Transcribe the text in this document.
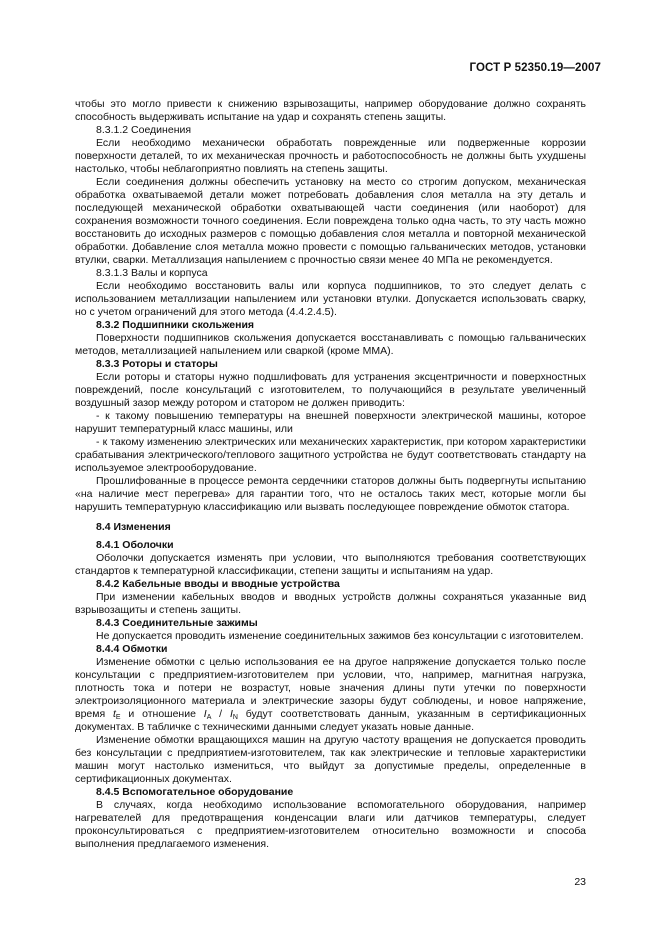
ГОСТ Р 52350.19—2007

чтобы это могло привести к снижению взрывозащиты, например оборудование должно сохранять способность выдерживать испытание на удар и сохранять степень защиты.

8.3.1.2 Соединения

Если необходимо механически обработать поврежденные или подверженные коррозии поверхности деталей, то их механическая прочность и работоспособность не должны быть ухудшены настолько, чтобы неблагоприятно повлиять на степень защиты.

Если соединения должны обеспечить установку на место со строгим допуском, механическая обработка охватываемой детали может потребовать добавления слоя металла на эту деталь и последующей механической обработки охватывающей части соединения (или наоборот) для сохранения возможности точного соединения. Если повреждена только одна часть, то эту часть можно восстановить до исходных размеров с помощью добавления слоя металла и повторной механической обработки. Добавление слоя металла можно провести с помощью гальванических методов, установки втулки, сварки. Металлизация напылением с прочностью связи менее 40 МПа не рекомендуется.

8.3.1.3 Валы и корпуса

Если необходимо восстановить валы или корпуса подшипников, то это следует делать с использованием металлизации напылением или установки втулки. Допускается использовать сварку, но с учетом ограничений для этого метода (4.4.2.4.5).

8.3.2 Подшипники скольжения

Поверхности подшипников скольжения допускается восстанавливать с помощью гальванических методов, металлизацией напылением или сваркой (кроме ММА).

8.3.3 Роторы и статоры

Если роторы и статоры нужно подшлифовать для устранения эксцентричности и поверхностных повреждений, после консультаций с изготовителем, то получающийся в результате увеличенный воздушный зазор между ротором и статором не должен приводить:

- к такому повышению температуры на внешней поверхности электрической машины, которое нарушит температурный класс машины, или

- к такому изменению электрических или механических характеристик, при котором характеристики срабатывания электрического/теплового защитного устройства не будут соответствовать стандарту на используемое электрооборудование.

Прошлифованные в процессе ремонта сердечники статоров должны быть подвергнуты испытанию «на наличие мест перегрева» для гарантии того, что не осталось таких мест, которые могли бы нарушить температурную классификацию или вызвать последующее повреждение обмоток статора.

8.4 Изменения

8.4.1 Оболочки

Оболочки допускается изменять при условии, что выполняются требования соответствующих стандартов к температурной классификации, степени защиты и испытаниям на удар.

8.4.2 Кабельные вводы и вводные устройства

При изменении кабельных вводов и вводных устройств должны сохраняться указанные вид взрывозащиты и степень защиты.

8.4.3 Соединительные зажимы

Не допускается проводить изменение соединительных зажимов без консультации с изготовителем.

8.4.4 Обмотки

Изменение обмотки с целью использования ее на другое напряжение допускается только после консультации с предприятием-изготовителем при условии, что, например, магнитная нагрузка, плотность тока и потери не возрастут, новые значения длины пути утечки по поверхности электроизоляционного материала и электрические зазоры будут соблюдены, и новое напряжение, время $t_E$ и отношение $I_A / I_N$ будут соответствовать данным, указанным в сертификационных документах. В табличке с техническими данными следует указать новые данные.

Изменение обмотки вращающихся машин на другую частоту вращения не допускается проводить без консультации с предприятием-изготовителем, так как электрические и тепловые характеристики машин могут настолько измениться, что выйдут за допустимые пределы, определенные в сертификационных документах.

8.4.5 Вспомогательное оборудование

В случаях, когда необходимо использование вспомогательного оборудования, например нагревателей для предотвращения конденсации влаги или датчиков температуры, следует проконсультироваться с предприятием-изготовителем относительно возможности и способа выполнения предлагаемого изменения.

23
